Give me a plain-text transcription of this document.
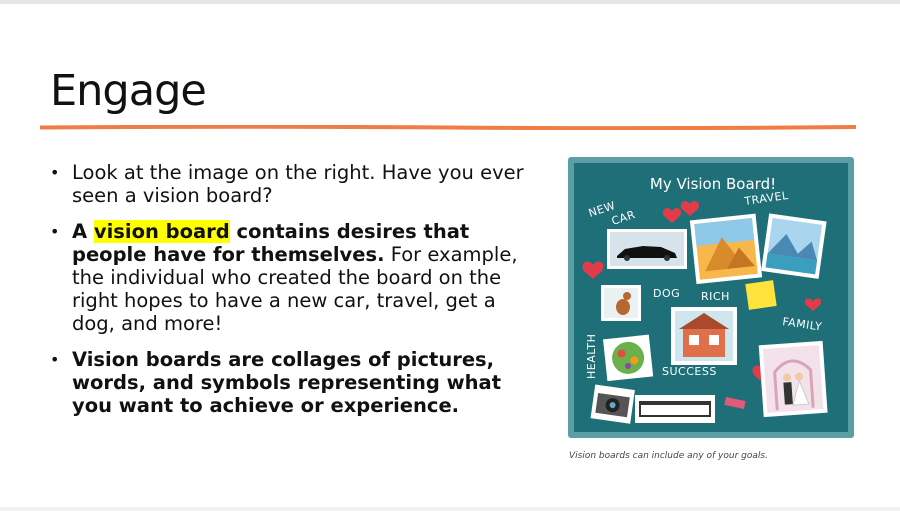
Engage
• Look at the image on the right. Have you ever seen a vision board?
• A vision board contains desires that people have for themselves. For example, the individual who created the board on the right hopes to have a new car, travel, get a dog, and more!
• Vision boards are collages of pictures, words, and symbols representing what you want to achieve or experience.
My Vision Board!
NEW
CAR
TRAVEL
DOG RICH
FAMILY
HEALTH	SUCCESS
Vision boards can include any of your goals.
